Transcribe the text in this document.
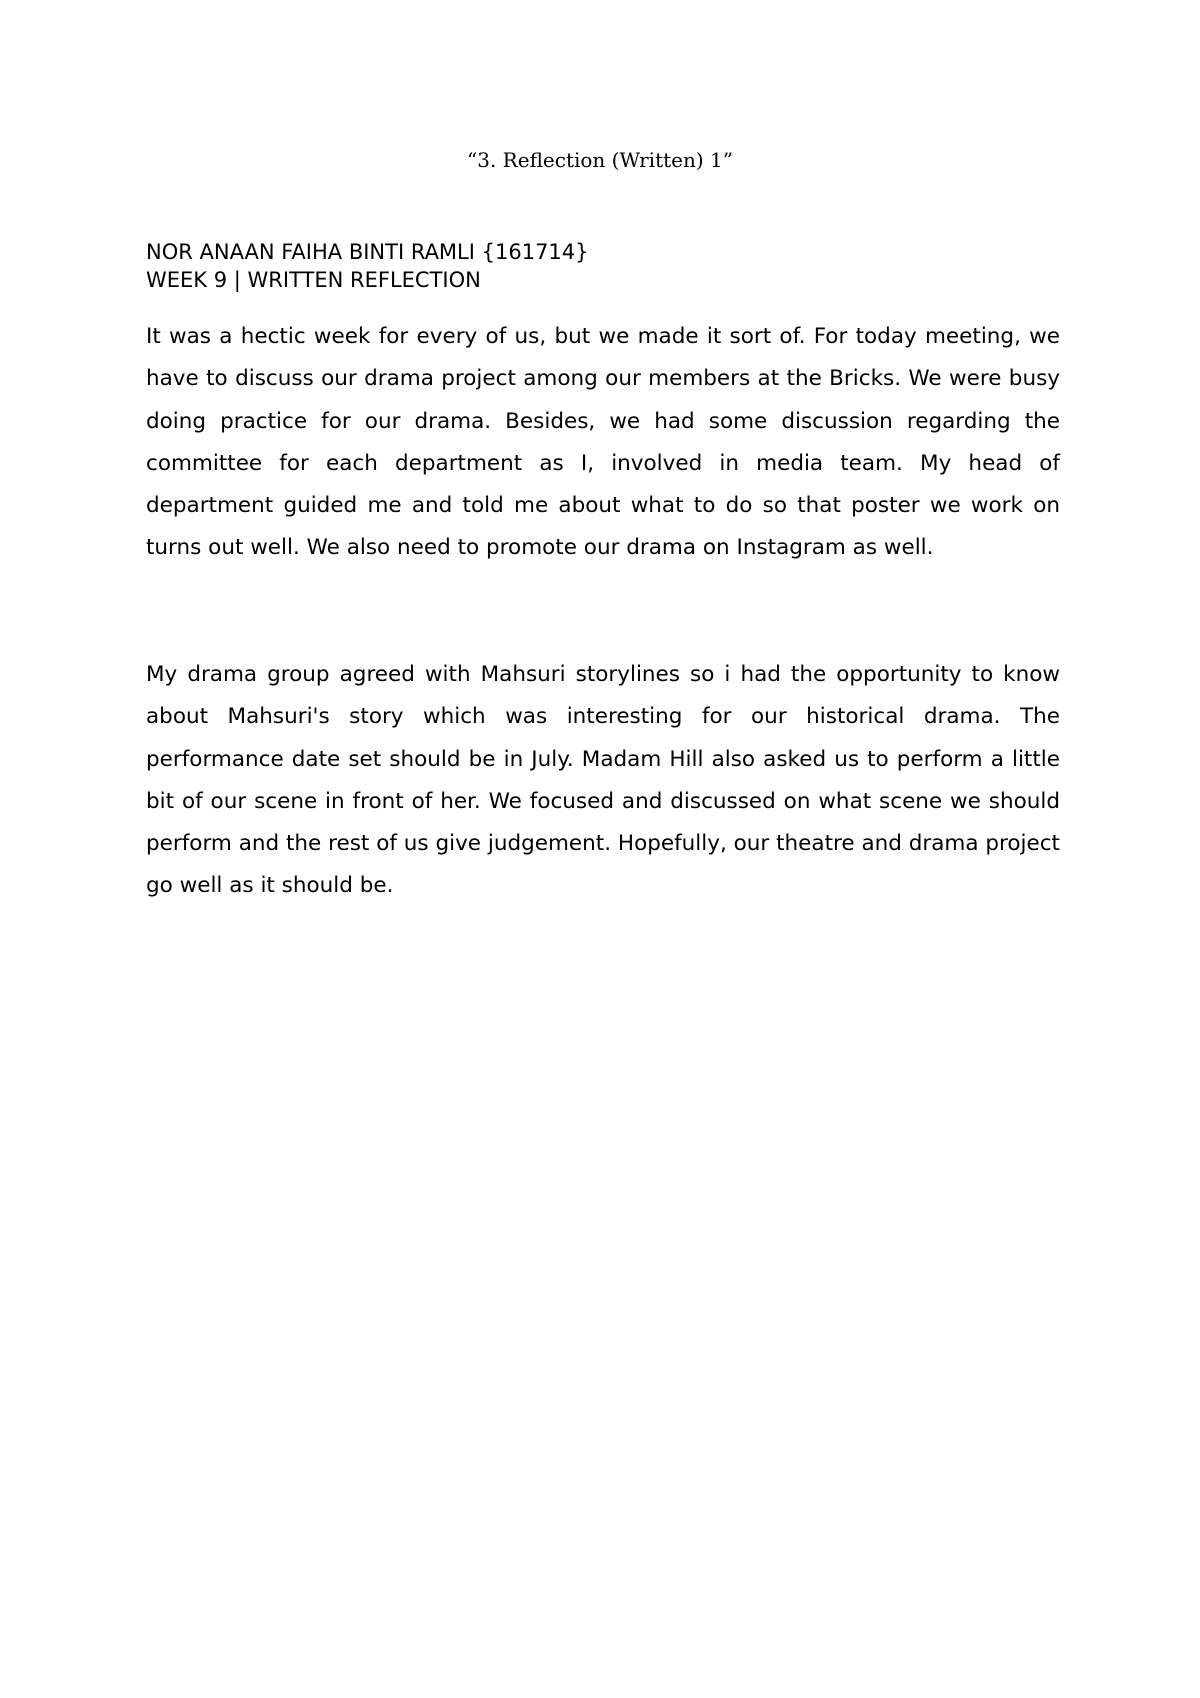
“3. Reflection (Written) 1”
NOR ANAAN FAIHA BINTI RAMLI {161714}
WEEK 9 | WRITTEN REFLECTION

It was a hectic week for every of us, but we made it sort of. For today meeting, we have to discuss our drama project among our members at the Bricks. We were busy doing practice for our drama. Besides, we had some discussion regarding the committee for each department as I, involved in media team. My head of department guided me and told me about what to do so that poster we work on turns out well. We also need to promote our drama on Instagram as well.

My drama group agreed with Mahsuri storylines so i had the opportunity to know about Mahsuri's story which was interesting for our historical drama. The performance date set should be in July. Madam Hill also asked us to perform a little bit of our scene in front of her. We focused and discussed on what scene we should perform and the rest of us give judgement. Hopefully, our theatre and drama project go well as it should be.
